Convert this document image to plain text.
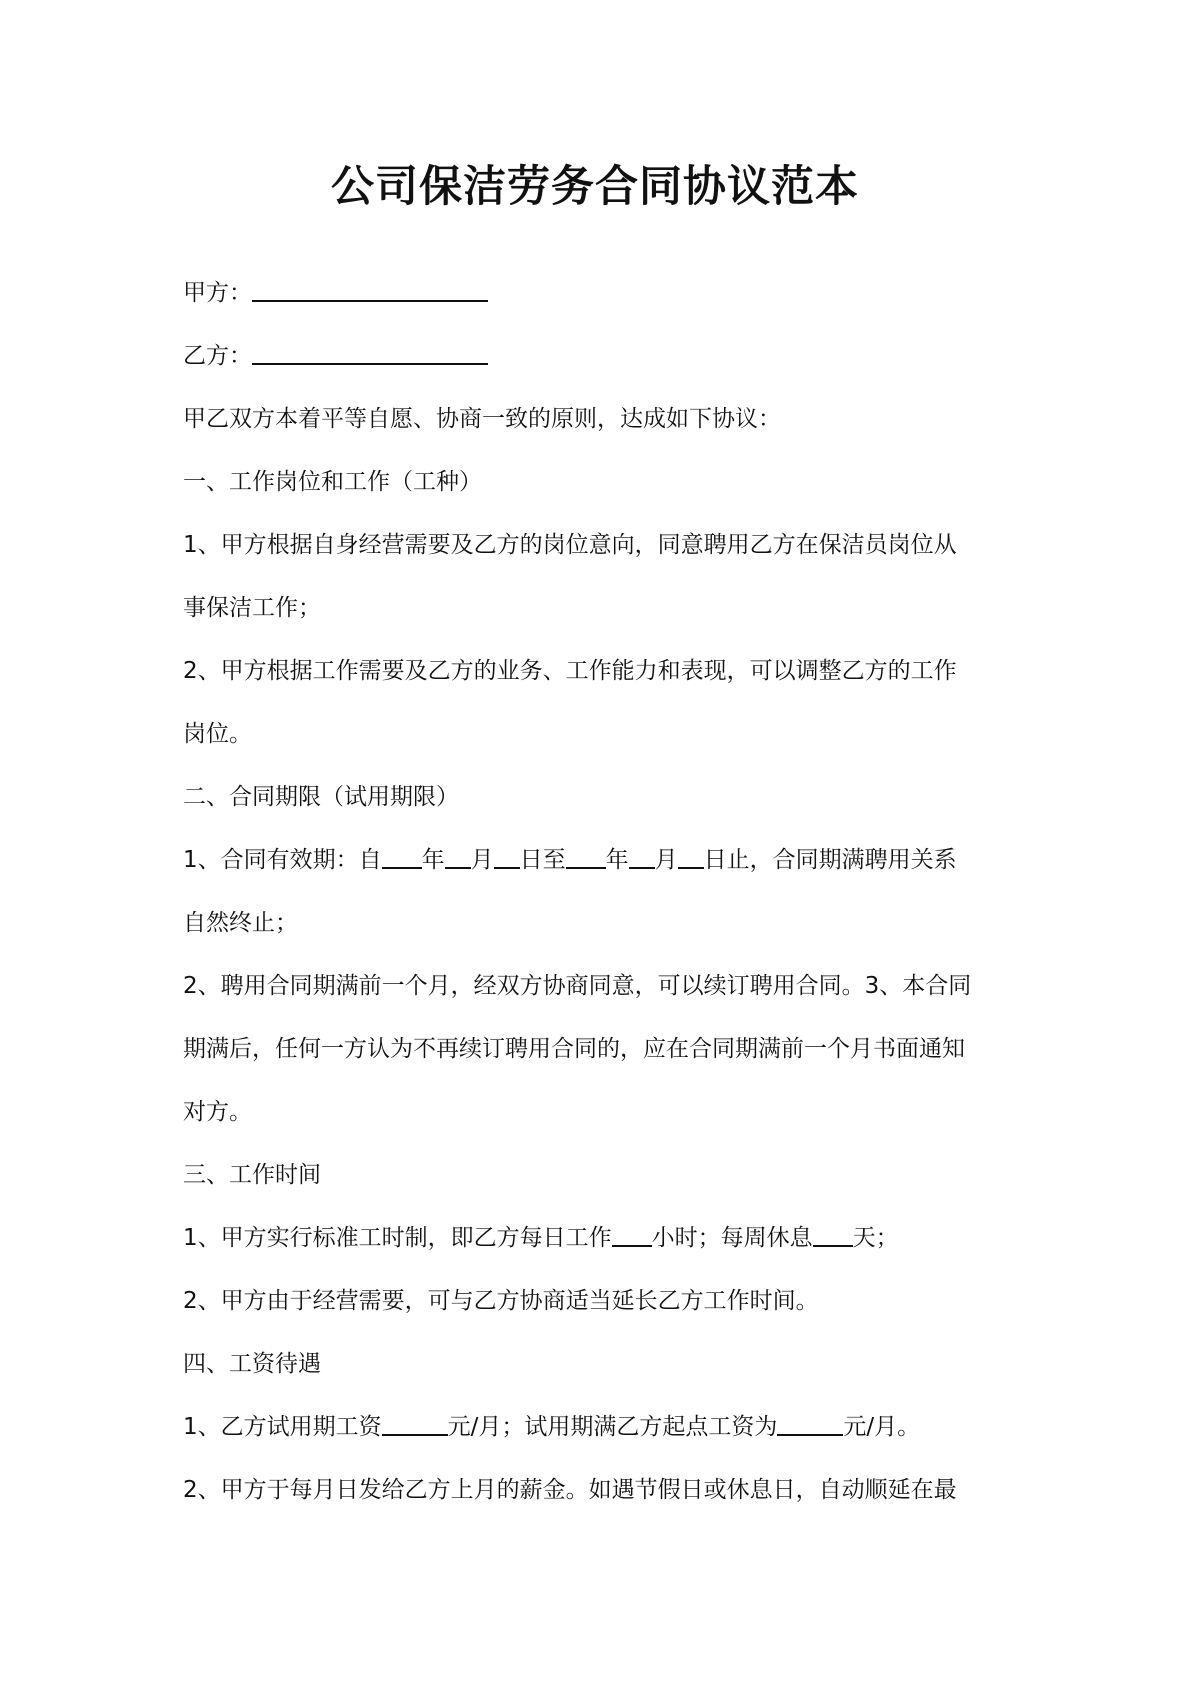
公司保洁劳务合同协议范本

甲方：

乙方：

甲乙双方本着平等自愿、协商一致的原则，达成如下协议：

一、工作岗位和工作（工种）

1、甲方根据自身经营需要及乙方的岗位意向，同意聘用乙方在保洁员岗位从

事保洁工作；

2、甲方根据工作需要及乙方的业务、工作能力和表现，可以调整乙方的工作

岗位。

二、合同期限（试用期限）

1、合同有效期：自 年 月 日至 年 月 日止，合同期满聘用关系

自然终止；

2、聘用合同期满前一个月，经双方协商同意，可以续订聘用合同。3、本合同

期满后，任何一方认为不再续订聘用合同的，应在合同期满前一个月书面通知

对方。

三、工作时间

1、甲方实行标准工时制，即乙方每日工作 小时；每周休息 天；

2、甲方由于经营需要，可与乙方协商适当延长乙方工作时间。

四、工资待遇

1、乙方试用期工资	元/月；试用期满乙方起点工资为	元/月。

2、甲方于每月日发给乙方上月的薪金。如遇节假日或休息日，自动顺延在最
